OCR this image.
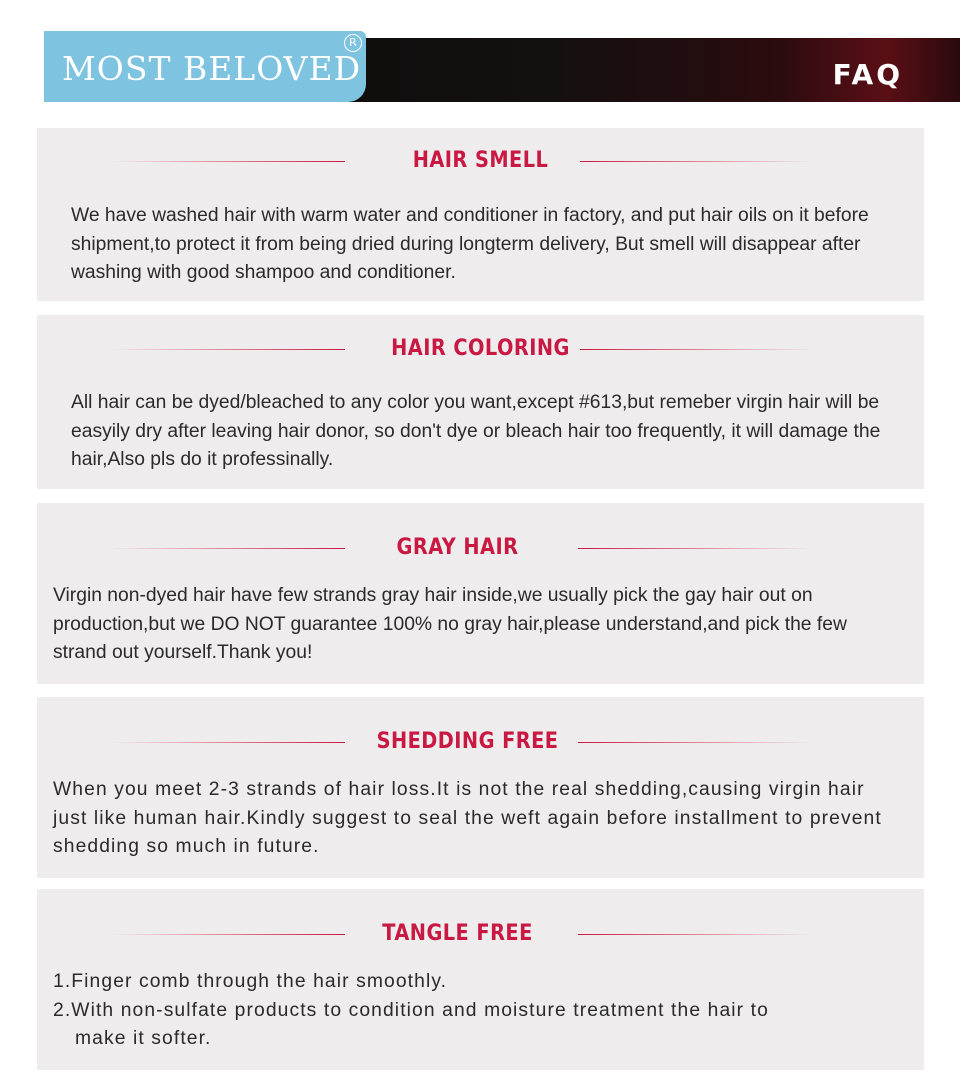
MOST BELOVED
R
FAQ
HAIR SMELL
We have washed hair with warm water and conditioner in factory, and put hair oils on it before shipment,to protect it from being dried during longterm delivery, But smell will disappear after washing with good shampoo and conditioner.
HAIR COLORING
All hair can be dyed/bleached to any color you want,except #613,but remeber virgin hair will be easyily dry after leaving hair donor, so don't dye or bleach hair too frequently, it will damage the hair,Also pls do it professinally.
GRAY HAIR
Virgin non-dyed hair have few strands gray hair inside,we usually pick the gay hair out on production,but we DO NOT guarantee 100% no gray hair,please understand,and pick the few strand out yourself.Thank you!
SHEDDING FREE
When you meet 2-3 strands of hair loss.It is not the real shedding,causing virgin hair just like human hair.Kindly suggest to seal the weft again before installment to prevent shedding so much in future.
TANGLE FREE

1.Finger comb through the hair smoothly.

2.With non-sulfate products to condition and moisture treatment the hair to

make it softer.
